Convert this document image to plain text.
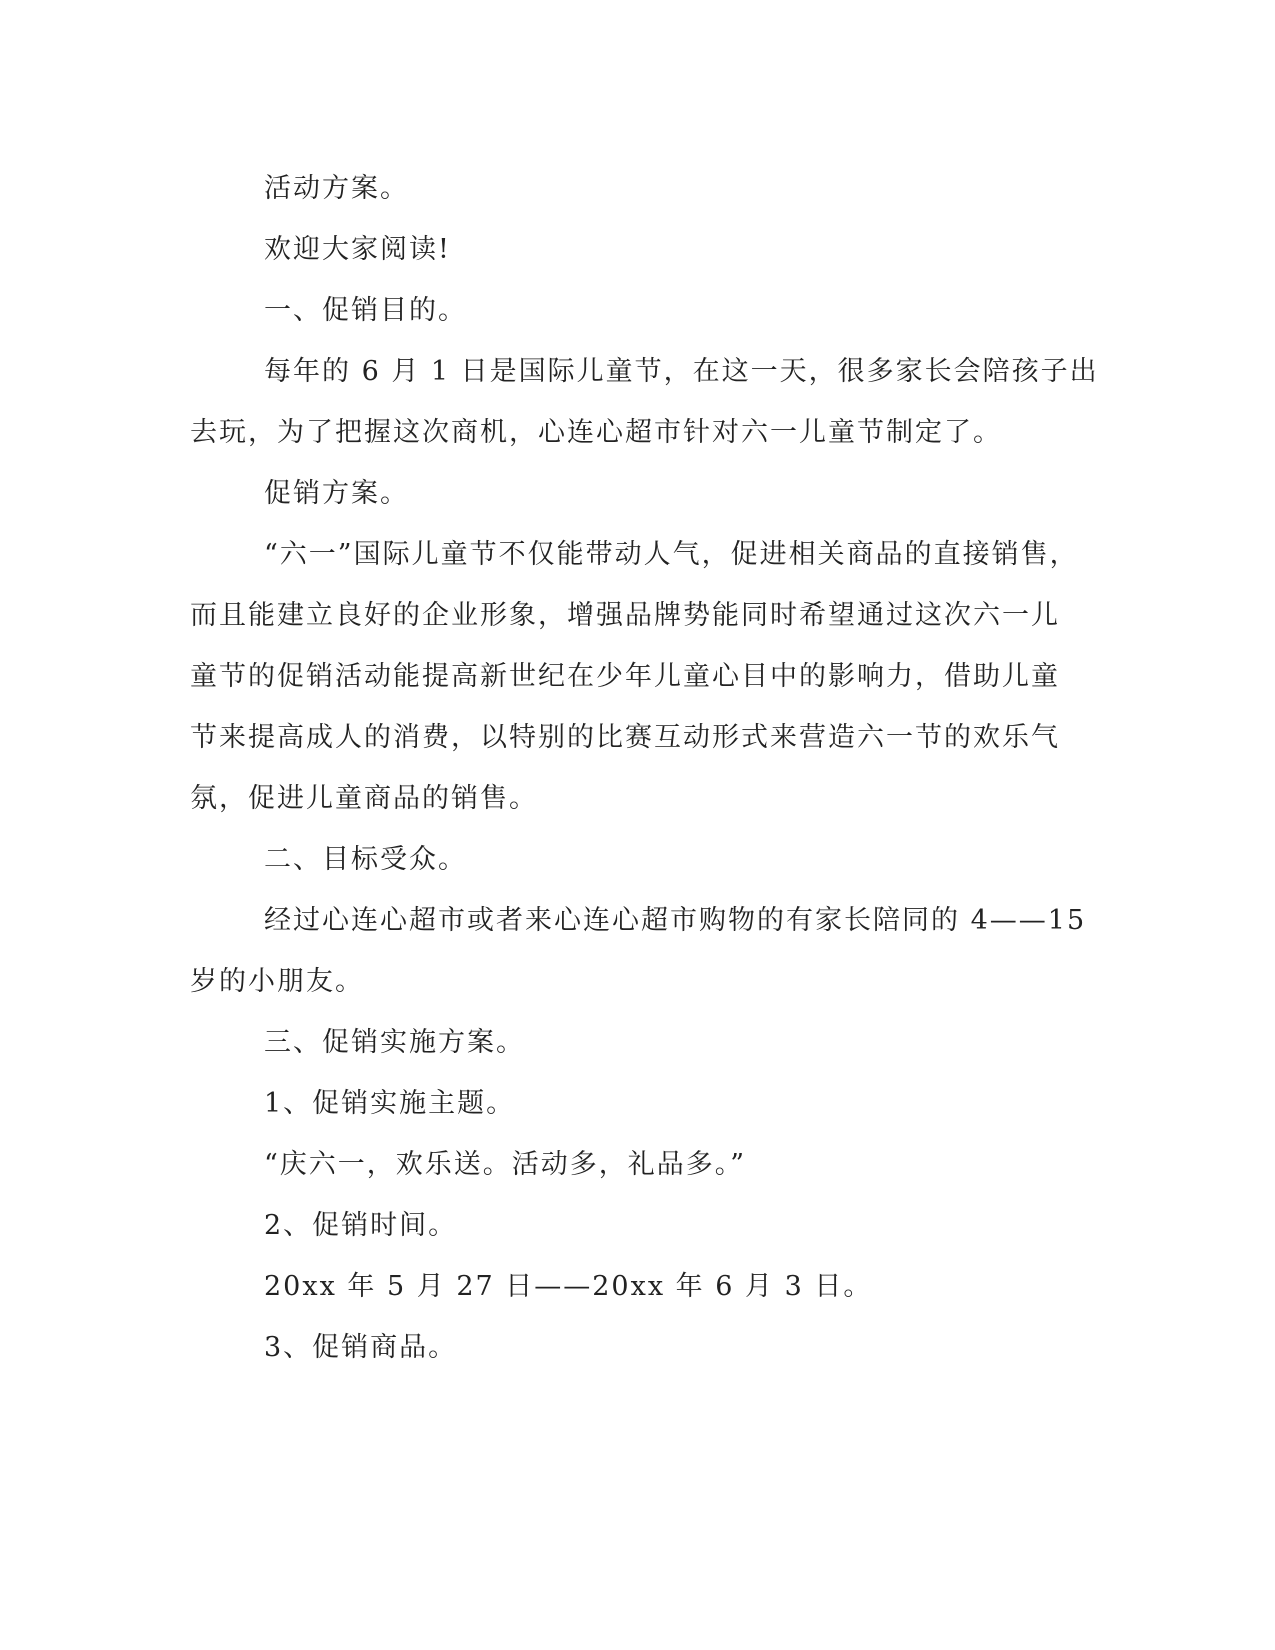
活动方案。

欢迎大家阅读!

一、促销目的。

每年的 6 月 1 日是国际儿童节，在这一天，很多家长会陪孩子出
去玩，为了把握这次商机，心连心超市针对六一儿童节制定了。

促销方案。

“六一”国际儿童节不仅能带动人气，促进相关商品的直接销售，
而且能建立良好的企业形象，增强品牌势能同时希望通过这次六一儿
童节的促销活动能提高新世纪在少年儿童心目中的影响力，借助儿童
节来提高成人的消费，以特别的比赛互动形式来营造六一节的欢乐气
氛，促进儿童商品的销售。

二、目标受众。

经过心连心超市或者来心连心超市购物的有家长陪同的 4——15
岁的小朋友。

三、促销实施方案。

1、促销实施主题。

“庆六一，欢乐送。活动多，礼品多。”

2、促销时间。

20xx 年 5 月 27 日——20xx 年 6 月 3 日。

3、促销商品。
